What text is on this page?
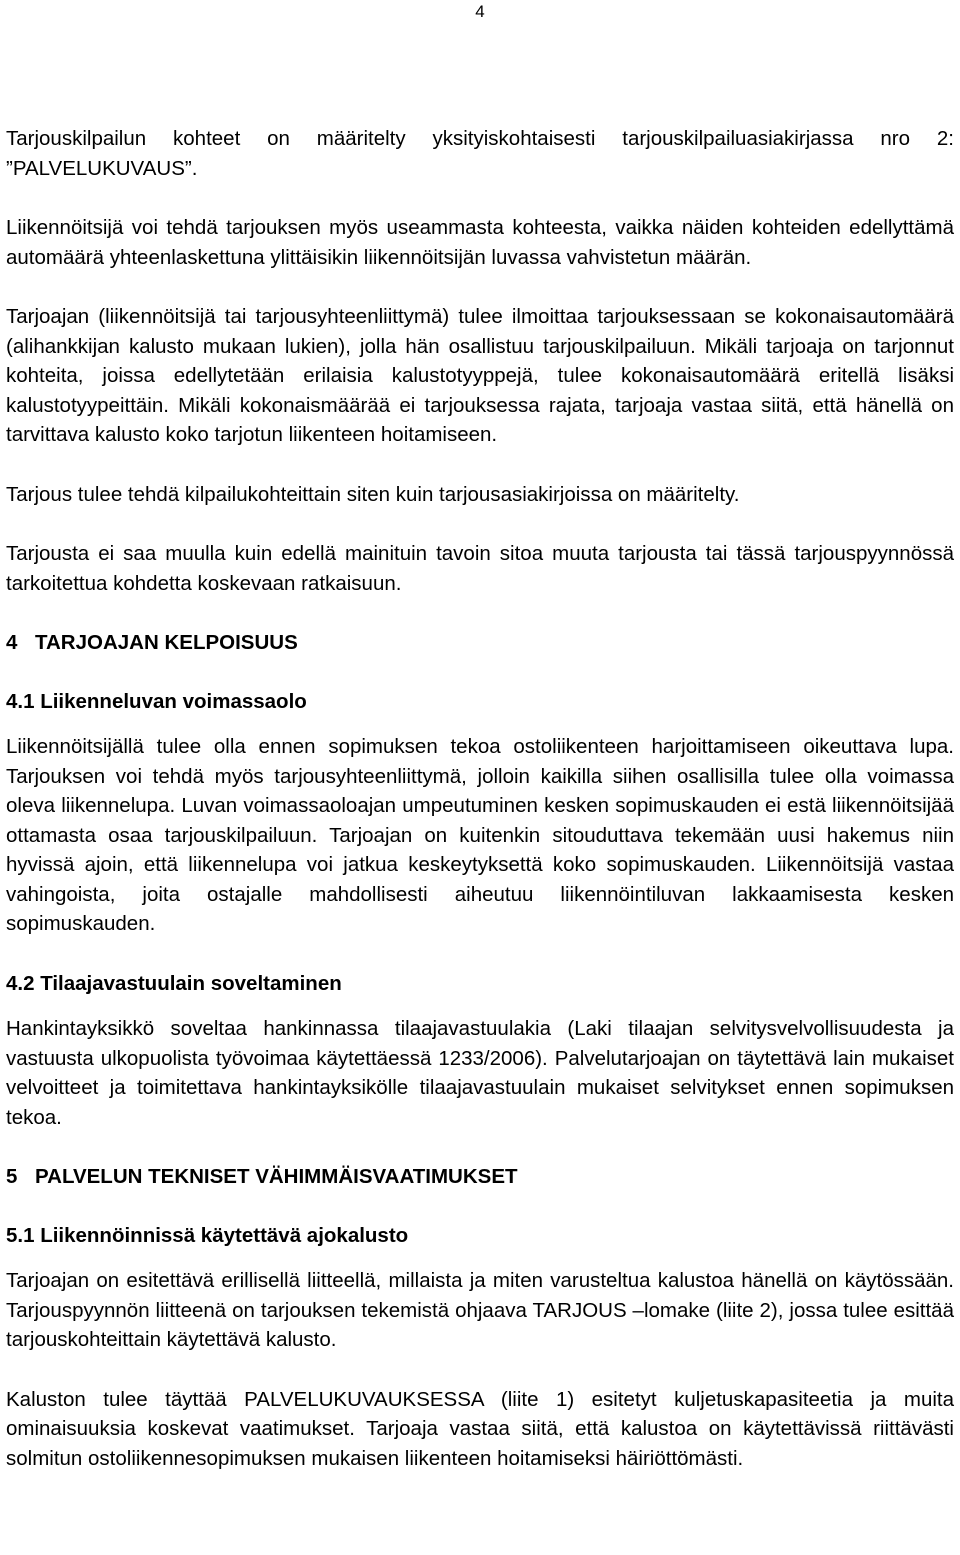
4

Tarjouskilpailun kohteet on määritelty yksityiskohtaisesti tarjouskilpailuasiakirjassa nro 2: ”PALVELUKUVAUS”.

Liikennöitsijä voi tehdä tarjouksen myös useammasta kohteesta, vaikka näiden kohteiden edellyttämä automäärä yhteenlaskettuna ylittäisikin liikennöitsijän luvassa vahvistetun määrän.

Tarjoajan (liikennöitsijä tai tarjousyhteenliittymä) tulee ilmoittaa tarjouksessaan se kokonaisautomäärä (alihankkijan kalusto mukaan lukien), jolla hän osallistuu tarjouskilpailuun. Mikäli tarjoaja on tarjonnut kohteita, joissa edellytetään erilaisia kalustotyyppejä, tulee kokonaisautomäärä eritellä lisäksi kalustotyypeittäin. Mikäli kokonaismäärää ei tarjouksessa rajata, tarjoaja vastaa siitä, että hänellä on tarvittava kalusto koko tarjotun liikenteen hoitamiseen.

Tarjous tulee tehdä kilpailukohteittain siten kuin tarjousasiakirjoissa on määritelty.

Tarjousta ei saa muulla kuin edellä mainituin tavoin sitoa muuta tarjousta tai tässä tarjouspyynnössä tarkoitettua kohdetta koskevaan ratkaisuun.

4 TARJOAJAN KELPOISUUS
4.1 Liikenneluvan voimassaolo

Liikennöitsijällä tulee olla ennen sopimuksen tekoa ostoliikenteen harjoittamiseen oikeuttava lupa. Tarjouksen voi tehdä myös tarjousyhteenliittymä, jolloin kaikilla siihen osallisilla tulee olla voimassa oleva liikennelupa. Luvan voimassaoloajan umpeutuminen kesken sopimuskauden ei estä liikennöitsijää ottamasta osaa tarjouskilpailuun. Tarjoajan on kuitenkin sitouduttava tekemään uusi hakemus niin hyvissä ajoin, että liikennelupa voi jatkua keskeytyksettä koko sopimuskauden. Liikennöitsijä vastaa vahingoista, joita ostajalle mahdollisesti aiheutuu liikennöintiluvan lakkaamisesta kesken sopimuskauden.

4.2 Tilaajavastuulain soveltaminen

Hankintayksikkö soveltaa hankinnassa tilaajavastuulakia (Laki tilaajan selvitysvelvollisuudesta ja vastuusta ulkopuolista työvoimaa käytettäessä 1233/2006). Palvelutarjoajan on täytettävä lain mukaiset velvoitteet ja toimitettava hankintayksikölle tilaajavastuulain mukaiset selvitykset ennen sopimuksen tekoa.

5 PALVELUN TEKNISET VÄHIMMÄISVAATIMUKSET
5.1 Liikennöinnissä käytettävä ajokalusto

Tarjoajan on esitettävä erillisellä liitteellä, millaista ja miten varusteltua kalustoa hänellä on käytössään. Tarjouspyynnön liitteenä on tarjouksen tekemistä ohjaava TARJOUS –lomake (liite 2), jossa tulee esittää tarjouskohteittain käytettävä kalusto.

Kaluston tulee täyttää PALVELUKUVAUKSESSA (liite 1) esitetyt kuljetuskapasiteetia ja muita ominaisuuksia koskevat vaatimukset. Tarjoaja vastaa siitä, että kalustoa on käytettävissä riittävästi solmitun ostoliikennesopimuksen mukaisen liikenteen hoitamiseksi häiriöttömästi.
